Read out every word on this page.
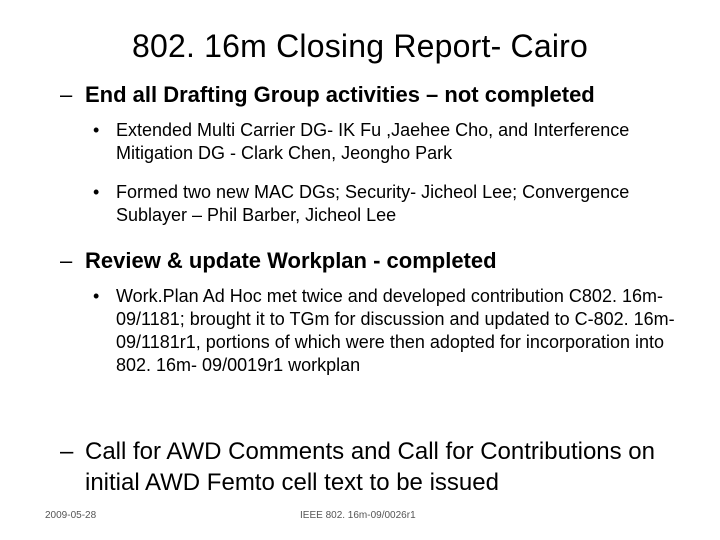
802. 16m Closing Report- Cairo
– End all Drafting Group activities – not completed
• Extended Multi Carrier DG- IK Fu ,Jaehee Cho, and Interference Mitigation DG - Clark Chen, Jeongho Park
• Formed two new MAC DGs; Security- Jicheol Lee; Convergence Sublayer – Phil Barber, Jicheol Lee
– Review & update Workplan - completed
• Work.Plan Ad Hoc met twice and developed contribution C802. 16m-09/1181; brought it to TGm for discussion and updated to C-802. 16m-09/1181r1, portions of which were then adopted for incorporation into 802. 16m- 09/0019r1 workplan
– Call for AWD Comments and Call for Contributions on initial AWD Femto cell text to be issued
2009-05-28	IEEE 802. 16m-09/0026r1
